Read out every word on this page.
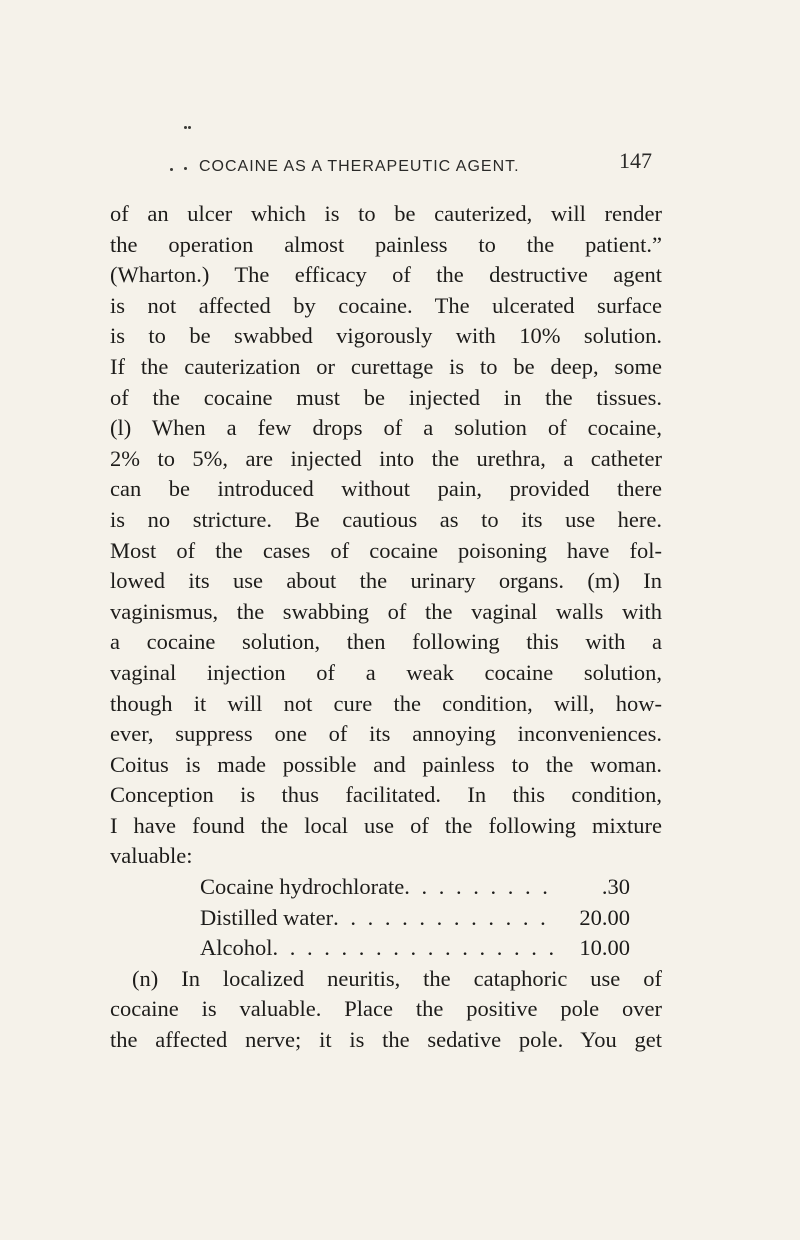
COCAINE AS A THERAPEUTIC AGENT.	147
of an ulcer which is to be cauterized, will render
the operation almost painless to the patient.”
(Wharton.) The efficacy of the destructive agent
is not affected by cocaine. The ulcerated surface
is to be swabbed vigorously with 10% solution.
If the cauterization or curettage is to be deep, some
of the cocaine must be injected in the tissues.
(l) When a few drops of a solution of cocaine,
2% to 5%, are injected into the urethra, a catheter
can be introduced without pain, provided there
is no stricture. Be cautious as to its use here.
Most of the cases of cocaine poisoning have fol-
lowed its use about the urinary organs. (m) In
vaginismus, the swabbing of the vaginal walls with
a cocaine solution, then following this with a
vaginal injection of a weak cocaine solution,
though it will not cure the condition, will, how-
ever, suppress one of its annoying inconveniences.
Coitus is made possible and painless to the woman.
Conception is thus facilitated. In this condition,
I have found the local use of the following mixture
valuable:
Cocaine hydrochlorate . . .	.30
Distilled water . . .	20.00
Alcohol . . .	10.00
(n) In localized neuritis, the cataphoric use of
cocaine is valuable. Place the positive pole over
the affected nerve; it is the sedative pole. You get
